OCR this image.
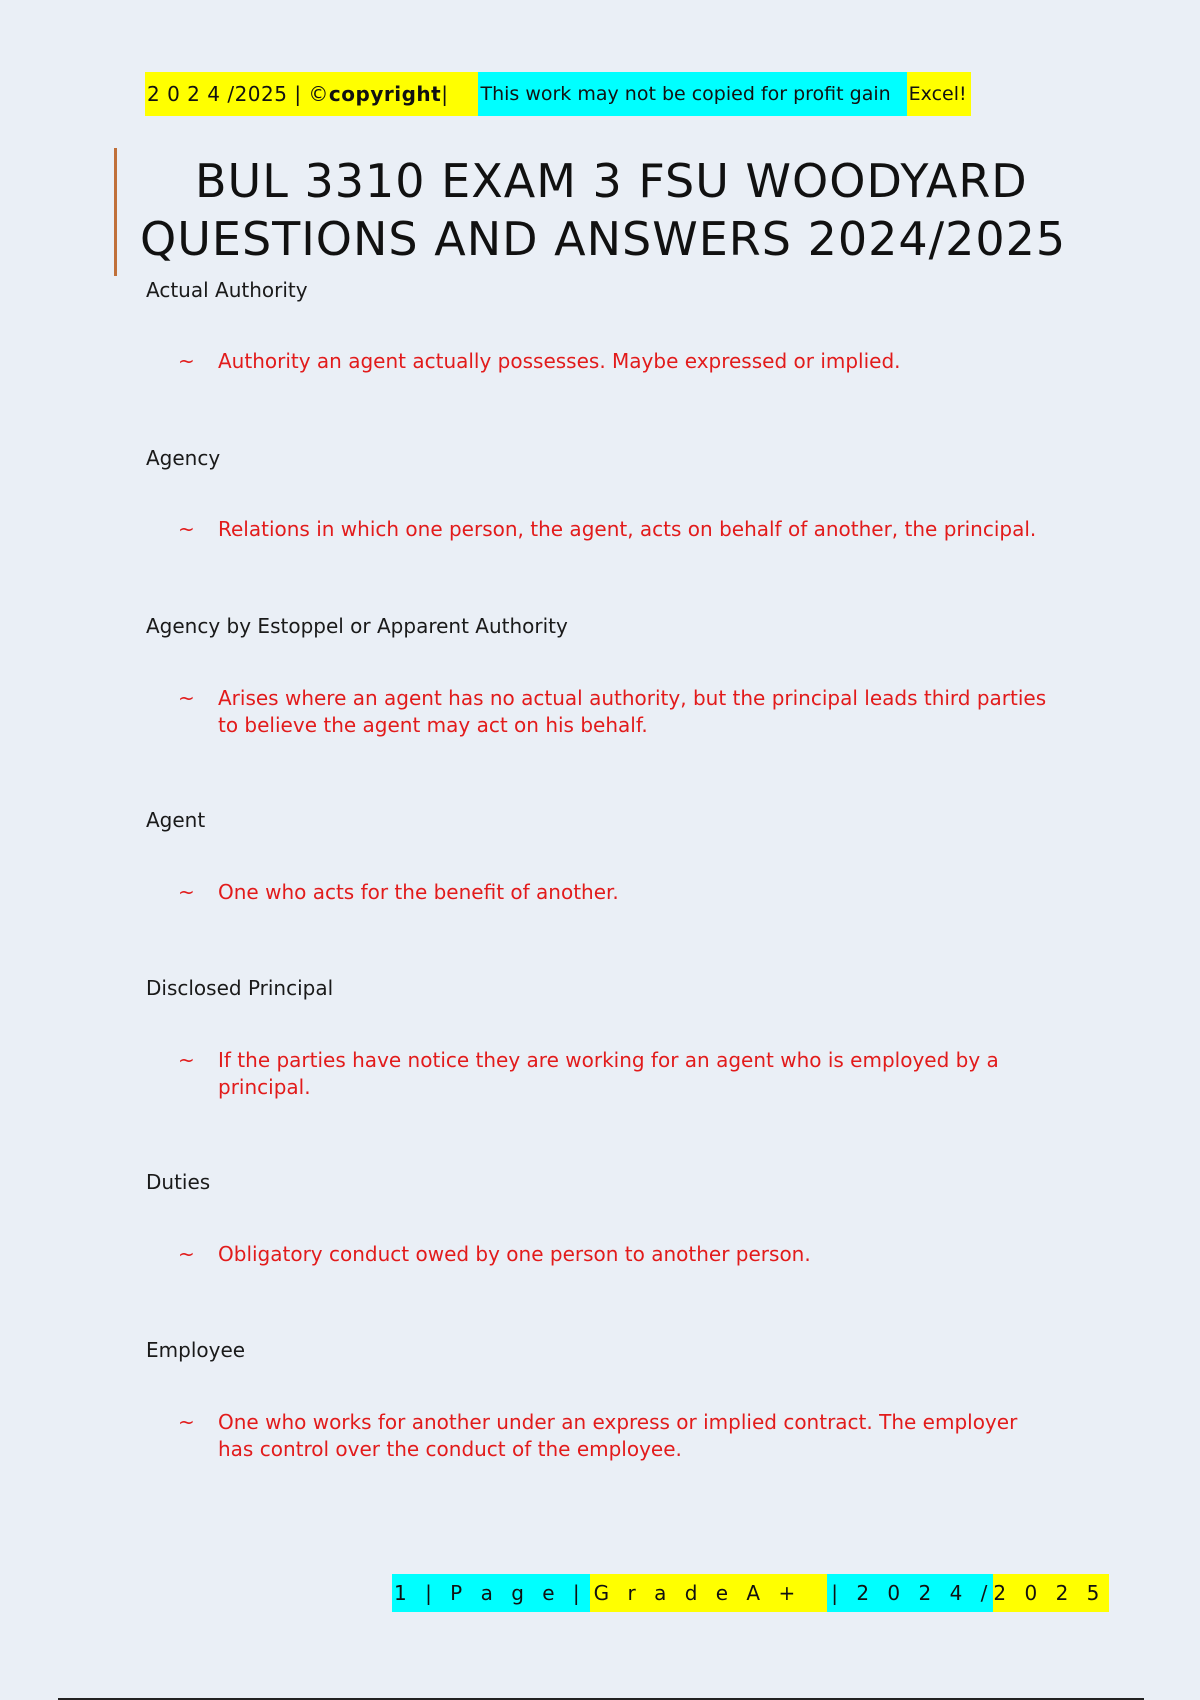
2 0 2 4 /2025 | ©copyright|	This work may not be copied for profit gain Excel!
BUL 3310 EXAM 3 FSU WOODYARD
QUESTIONS AND ANSWERS 2024/2025
Actual Authority
~ Authority an agent actually possesses. Maybe expressed or implied.
Agency
~ Relations in which one person, the agent, acts on behalf of another, the principal.
Agency by Estoppel or Apparent Authority
~ Arises where an agent has no actual authority, but the principal leads third parties to believe the agent may act on his behalf.
Agent
~ One who acts for the benefit of another.
Disclosed Principal
~ If the parties have notice they are working for an agent who is employed by a principal.
Duties
~ Obligatory conduct owed by one person to another person.
Employee
~ One who works for another under an express or implied contract. The employer has control over the conduct of the employee.
1 | P a g e | G r a d e A +	| 2 0 2 4 / 2 0 2 5
